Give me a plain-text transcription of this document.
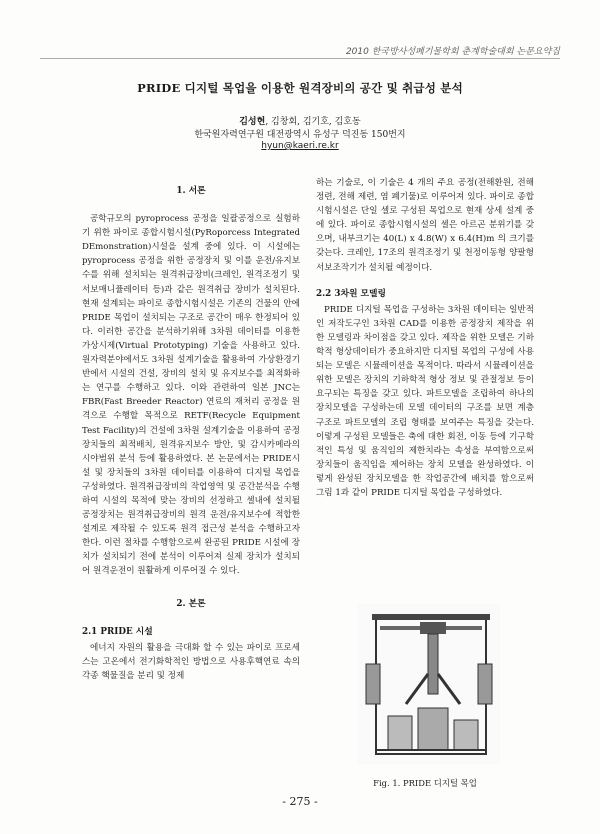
2010 한국방사성폐기물학회 춘계학술대회 논문요약집
PRIDE 디지털 목업을 이용한 원격장비의 공간 및 취급성 분석
김성현, 김창회, 김기호, 김호동
한국원자력연구원 대전광역시 유성구 덕진동 150번지
hyun@kaeri.re.kr
1. 서론

공학규모의 pyroprocess 공정을 일괄공정으로 실험하기 위한 파이로 종합시험시설(PyRoporcess Integrated DEmonstration)시설을 설계 중에 있다. 이 시설에는 pyroprocess 공정을 위한 공정장치 및 이를 운전/유지보수를 위해 설치되는 원격취급장비(크레인, 원격조정기 및 서보매니퓰레이터 등)과 같은 원격취급 장비가 설치된다. 현재 설계되는 파이로 종합시험시설은 기존의 건물의 안에 PRIDE 목업이 설치되는 구조로 공간이 매우 한정되어 있다. 이러한 공간을 분석하기위해 3차원 데이터를 이용한 가상시제(Virtual Prototyping) 기술을 사용하고 있다. 원자력분야에서도 3차원 설계기술을 활용하여 가상환경기반에서 시설의 건설, 장비의 설치 및 유지보수를 최적화하는 연구를 수행하고 있다. 이와 관련하여 일본 JNC는 FBR(Fast Breeder Reactor) 연료의 재처리 공정을 원격으로 수행할 목적으로 RETF(Recycle Equipment Test Facility)의 건설에 3차원 설계기술을 이용하여 공정장치들의 최적배치, 원격유지보수 방안, 및 감시카메라의 시야범위 분석 등에 활용하였다. 본 논문에서는 PRIDE시설 및 장치들의 3차원 데이터를 이용하여 디지털 목업을 구성하였다. 원격취급장비의 작업영역 및 공간분석을 수행하여 시설의 목적에 맞는 장비의 선정하고 셀내에 설치될 공정장치는 원격취급장비의 원격 운전/유지보수에 적합한 설계로 제작될 수 있도록 원격 접근성 분석을 수행하고자 한다. 이런 절차를 수행함으로써 완공된 PRIDE 시설에 장치가 설치되기 전에 분석이 이루어져 실제 장치가 설치되어 원격운전이 원활하게 이루어질 수 있다.

2. 본론
2.1 PRIDE 시설

에너지 자원의 활용을 극대화 할 수 있는 파이로 프로세스는 고온에서 전기화학적인 방법으로 사용후핵연료 속의 각종 핵물질을 분리 및 정제

하는 기술로, 이 기술은 4 개의 주요 공정(전해환원, 전해정련, 전해 제련, 염 폐기물)로 이루어져 있다. 파이로 종합시험시설은 단일 셀로 구성된 목업으로 현재 상세 설계 중에 있다. 파이로 종합시험시설의 셀은 아르곤 분위기를 갖으며, 내부크기는 40(L) x 4.8(W) x 6.4(H)m 의 크기를 갖는다. 크레인, 17조의 원격조정기 및 천정이동형 양팔형 서보조작기가 설치될 예정이다.

2.2 3차원 모델링

PRIDE 디지털 목업을 구성하는 3차원 데이터는 일반적인 저작도구인 3차원 CAD를 이용한 공정장치 제작을 위한 모델링과 차이점을 갖고 있다. 제작을 위한 모델은 기하학적 형상데이터가 중요하지만 디지털 목업의 구성에 사용되는 모델은 시뮬레이션을 목적이다. 따라서 시뮬레이션을 위한 모델은 장치의 기하학적 형상 정보 및 관절정보 등이 요구되는 특징을 갖고 있다. 파트모델을 조립하여 하나의 장치모델을 구성하는데 모델 데이터의 구조를 보면 계층 구조로 파트모델의 조립 형태를 보여주는 특징을 갖는다. 이렇게 구성된 모델들은 축에 대한 회전, 이동 등에 기구학적인 특성 및 움직임의 제한치라는 속성을 부여함으로써 장치들이 움직임을 제어하는 장치 모델을 완성하였다. 이렇게 완성된 장치모델을 한 작업공간에 배치를 함으로써 그림 1과 같이 PRIDE 디지털 목업을 구성하였다.

Fig. 1. PRIDE 디지털 목업
- 275 -
